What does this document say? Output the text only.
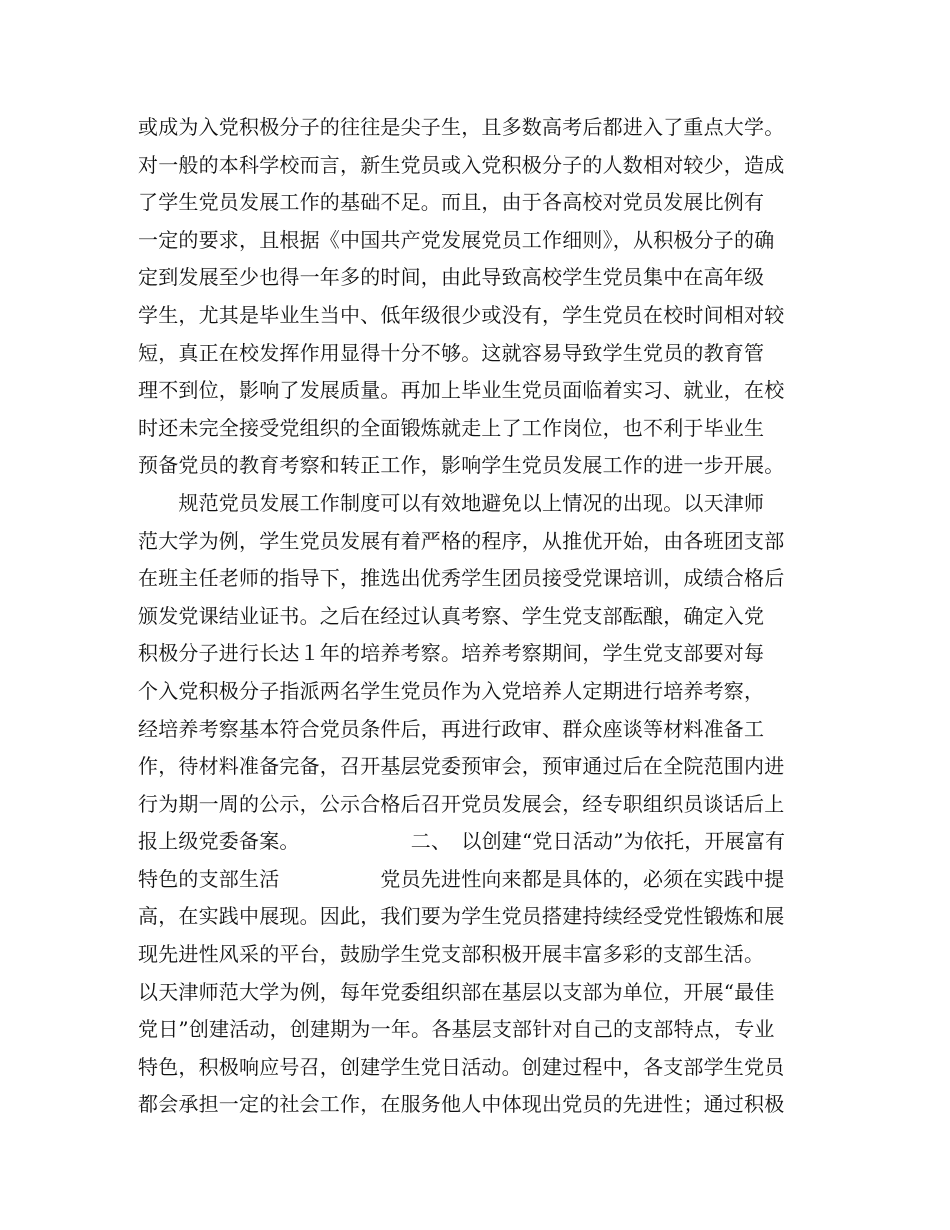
或成为入党积极分子的往往是尖子生，且多数高考后都进入了重点大学。
对一般的本科学校而言，新生党员或入党积极分子的人数相对较少，造成
了学生党员发展工作的基础不足。而且，由于各高校对党员发展比例有
一定的要求，且根据《中国共产党发展党员工作细则》，从积极分子的确
定到发展至少也得一年多的时间，由此导致高校学生党员集中在高年级
学生，尤其是毕业生当中、低年级很少或没有，学生党员在校时间相对较
短，真正在校发挥作用显得十分不够。这就容易导致学生党员的教育管
理不到位，影响了发展质量。再加上毕业生党员面临着实习、就业，在校
时还未完全接受党组织的全面锻炼就走上了工作岗位，也不利于毕业生
预备党员的教育考察和转正工作，影响学生党员发展工作的进一步开展。
　　规范党员发展工作制度可以有效地避免以上情况的出现。以天津师
范大学为例，学生党员发展有着严格的程序，从推优开始，由各班团支部
在班主任老师的指导下，推选出优秀学生团员接受党课培训，成绩合格后
颁发党课结业证书。之后在经过认真考察、学生党支部酝酿，确定入党
积极分子进行长达１年的培养考察。培养考察期间，学生党支部要对每
个入党积极分子指派两名学生党员作为入党培养人定期进行培养考察，
经培养考察基本符合党员条件后，再进行政审、群众座谈等材料准备工
作，待材料准备完备，召开基层党委预审会，预审通过后在全院范围内进
行为期一周的公示，公示合格后召开党员发展会，经专职组织员谈话后上
报上级党委备案。　　　　　　二、　以创建“党日活动”为依托，开展富有
特色的支部生活　　　　　党员先进性向来都是具体的，必须在实践中提
高，在实践中展现。因此，我们要为学生党员搭建持续经受党性锻炼和展
现先进性风采的平台，鼓励学生党支部积极开展丰富多彩的支部生活。
以天津师范大学为例，每年党委组织部在基层以支部为单位，开展“最佳
党日”创建活动，创建期为一年。各基层支部针对自己的支部特点，专业
特色，积极响应号召，创建学生党日活动。创建过程中，各支部学生党员
都会承担一定的社会工作，在服务他人中体现出党员的先进性；通过积极
